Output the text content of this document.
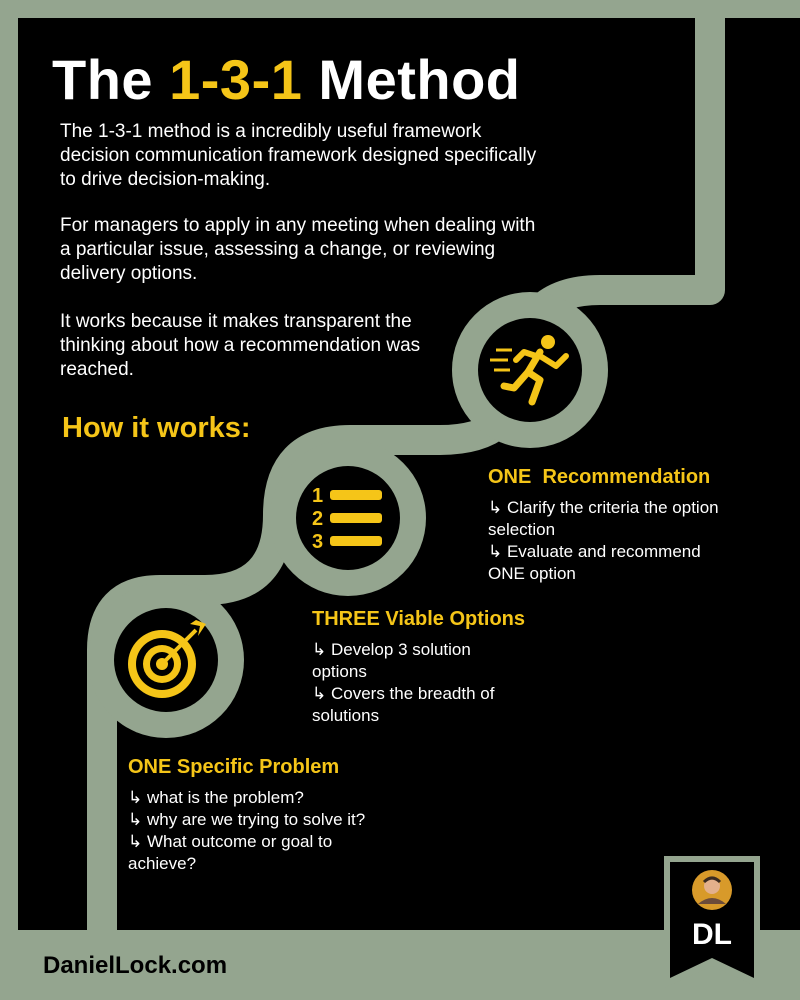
1
2
3
The 1-3-1 Method

The 1-3-1 method is a incredibly useful framework decision communication framework designed specifically to drive decision-making.

For managers to apply in any meeting when dealing with a particular issue, assessing a change, or reviewing delivery options.

It works because it makes transparent the thinking about how a recommendation was reached.

How it works:
ONE  Recommendation
↳ Clarify the criteria the option selection
↳ Evaluate and recommend ONE option
THREE Viable Options
↳ Develop 3 solution options
↳ Covers the breadth of solutions
ONE Specific Problem
↳ what is the problem?
↳ why are we trying to solve it?
↳ What outcome or goal to achieve?
DanielLock.com
DL
